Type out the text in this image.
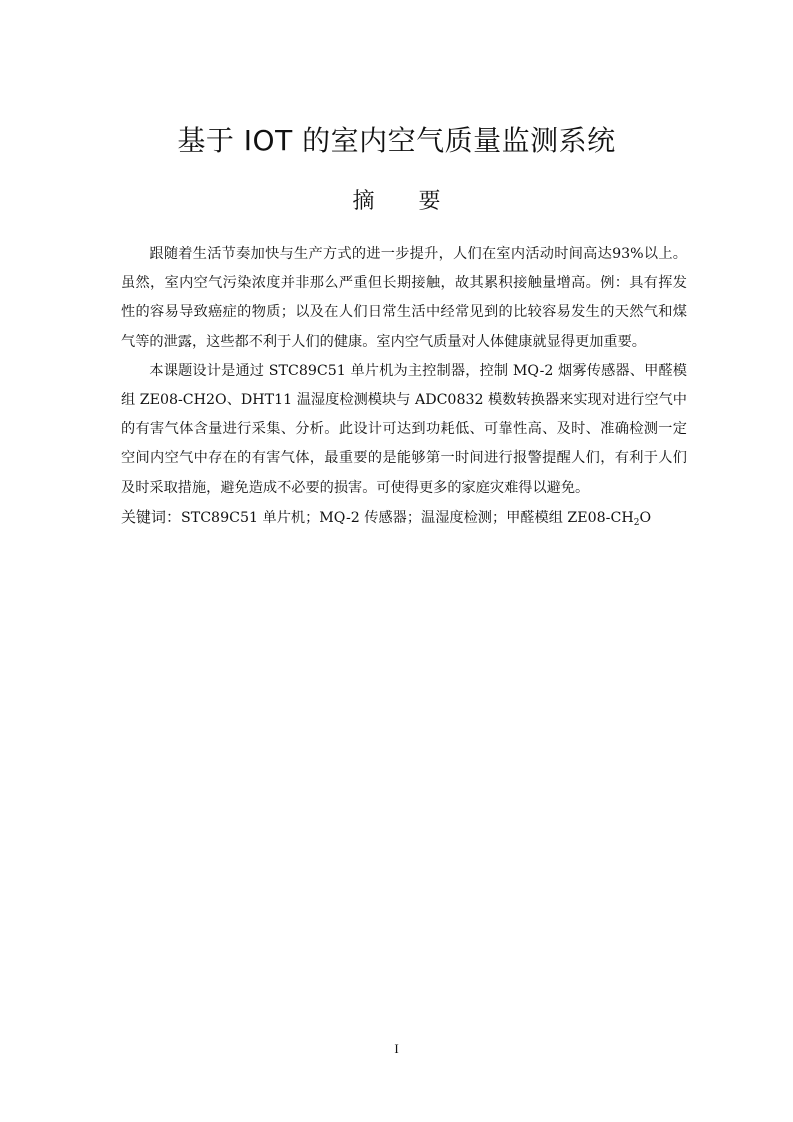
基于 IOT 的室内空气质量监测系统
摘 要

跟随着生活节奏加快与生产方式的进一步提升，人们在室内活动时间高达93%以上。虽然，室内空气污染浓度并非那么严重但长期接触，故其累积接触量增高。例：具有挥发性的容易导致癌症的物质；以及在人们日常生活中经常见到的比较容易发生的天然气和煤气等的泄露，这些都不利于人们的健康。室内空气质量对人体健康就显得更加重要。

本课题设计是通过 STC89C51 单片机为主控制器，控制 MQ-2 烟雾传感器、甲醛模组 ZE08-CH2O、DHT11 温湿度检测模块与 ADC0832 模数转换器来实现对进行空气中的有害气体含量进行采集、分析。此设计可达到功耗低、可靠性高、及时、准确检测一定空间内空气中存在的有害气体，最重要的是能够第一时间进行报警提醒人们，有利于人们及时采取措施，避免造成不必要的损害。可使得更多的家庭灾难得以避免。

关键词：STC89C51 单片机；MQ-2 传感器；温湿度检测；甲醛模组 $ZE08-CH_2O$

I
